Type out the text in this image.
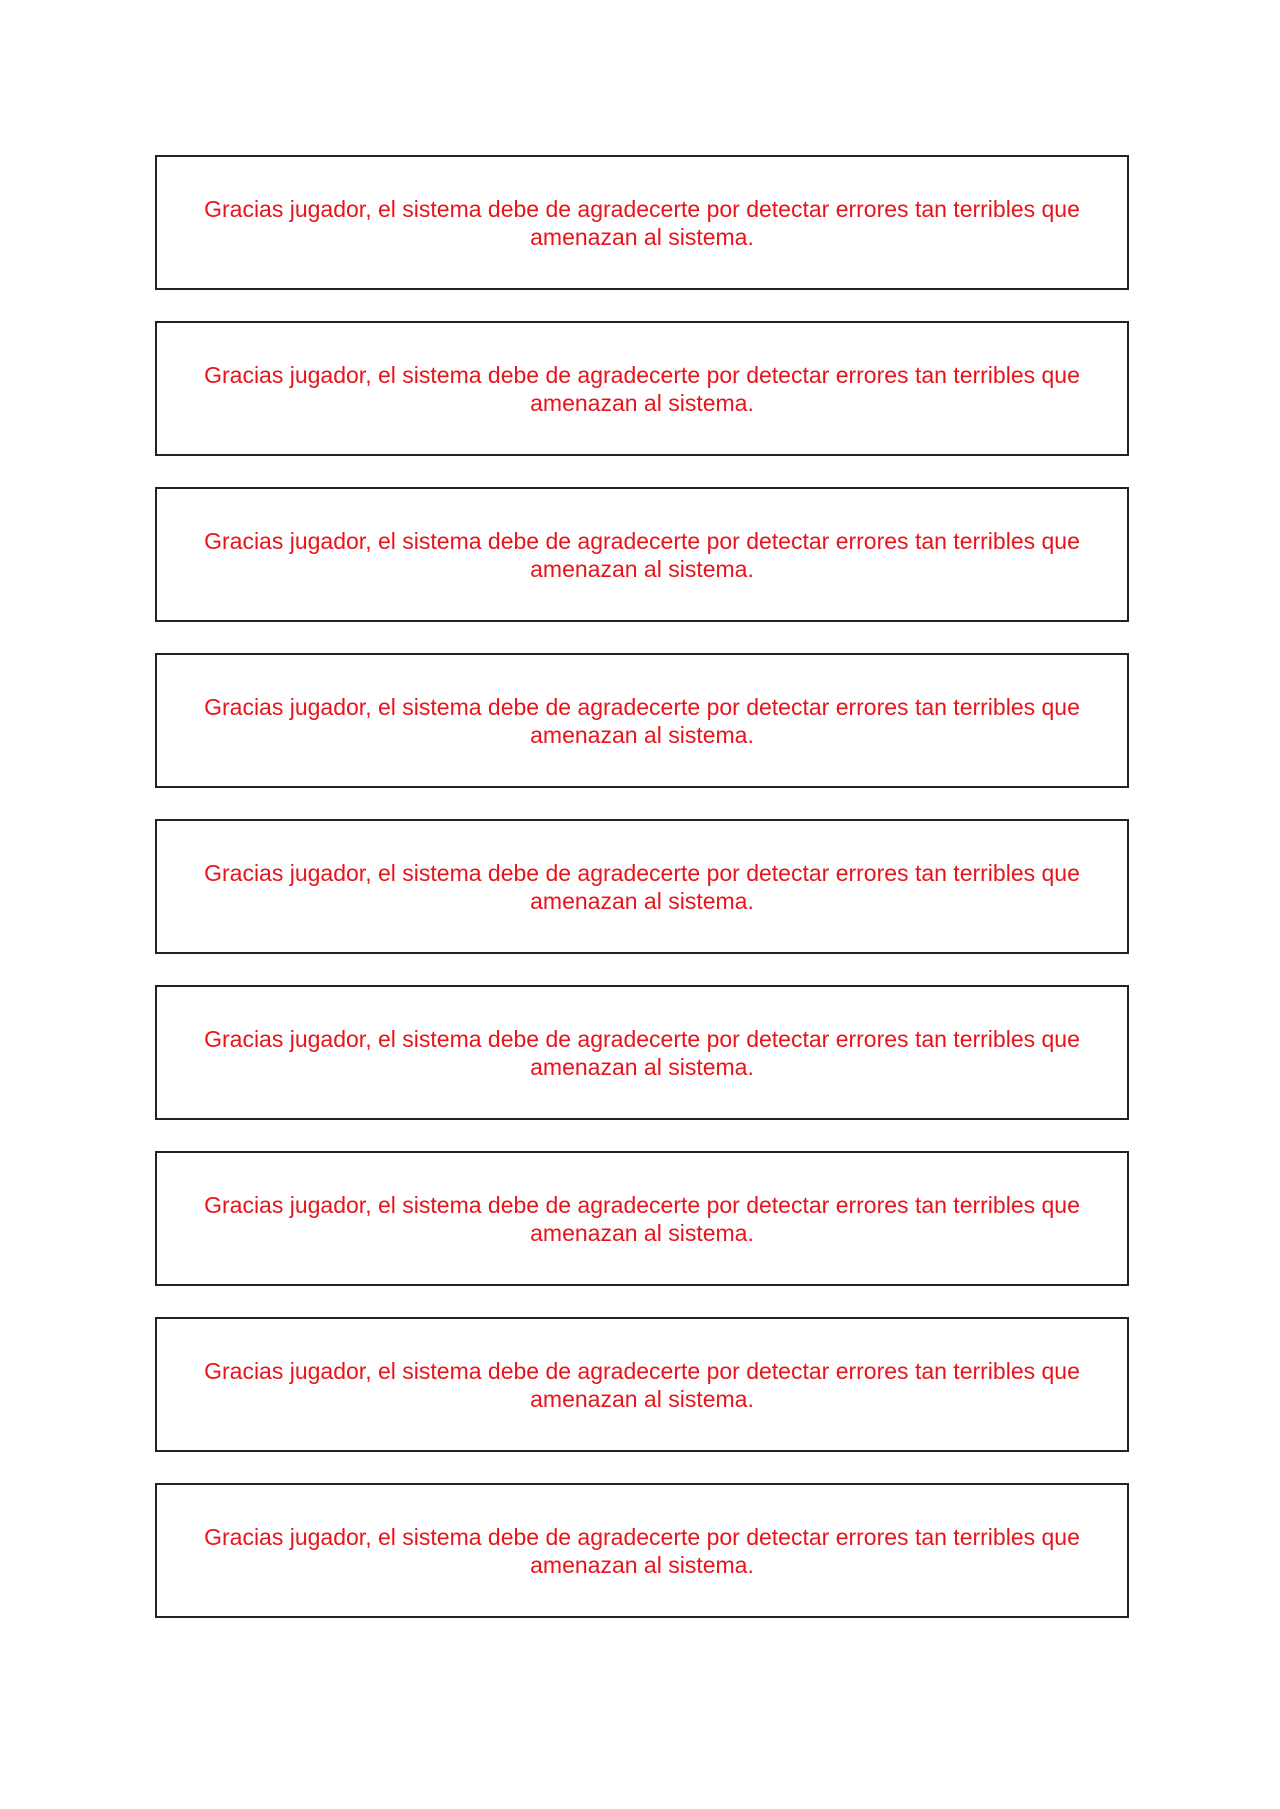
Gracias jugador, el sistema debe de agradecerte por detectar errores tan terribles que amenazan al sistema.
Gracias jugador, el sistema debe de agradecerte por detectar errores tan terribles que amenazan al sistema.
Gracias jugador, el sistema debe de agradecerte por detectar errores tan terribles que amenazan al sistema.
Gracias jugador, el sistema debe de agradecerte por detectar errores tan terribles que amenazan al sistema.
Gracias jugador, el sistema debe de agradecerte por detectar errores tan terribles que amenazan al sistema.
Gracias jugador, el sistema debe de agradecerte por detectar errores tan terribles que amenazan al sistema.
Gracias jugador, el sistema debe de agradecerte por detectar errores tan terribles que amenazan al sistema.
Gracias jugador, el sistema debe de agradecerte por detectar errores tan terribles que amenazan al sistema.
Gracias jugador, el sistema debe de agradecerte por detectar errores tan terribles que amenazan al sistema.
